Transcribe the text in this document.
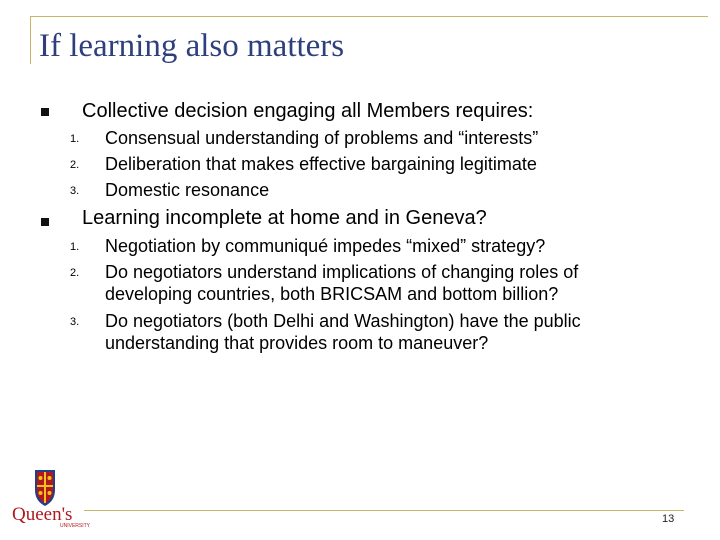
If learning also matters
Collective decision engaging all Members requires:
1. Consensual understanding of problems and “interests”
2. Deliberation that makes effective bargaining legitimate
3. Domestic resonance
Learning incomplete at home and in Geneva?
1. Negotiation by communiqué impedes “mixed” strategy?
2. Do negotiators understand implications of changing roles of
developing countries, both BRICSAM and bottom billion?
3. Do negotiators (both Delhi and Washington) have the public
understanding that provides room to maneuver?
Queen's
UNIVERSITY
13
